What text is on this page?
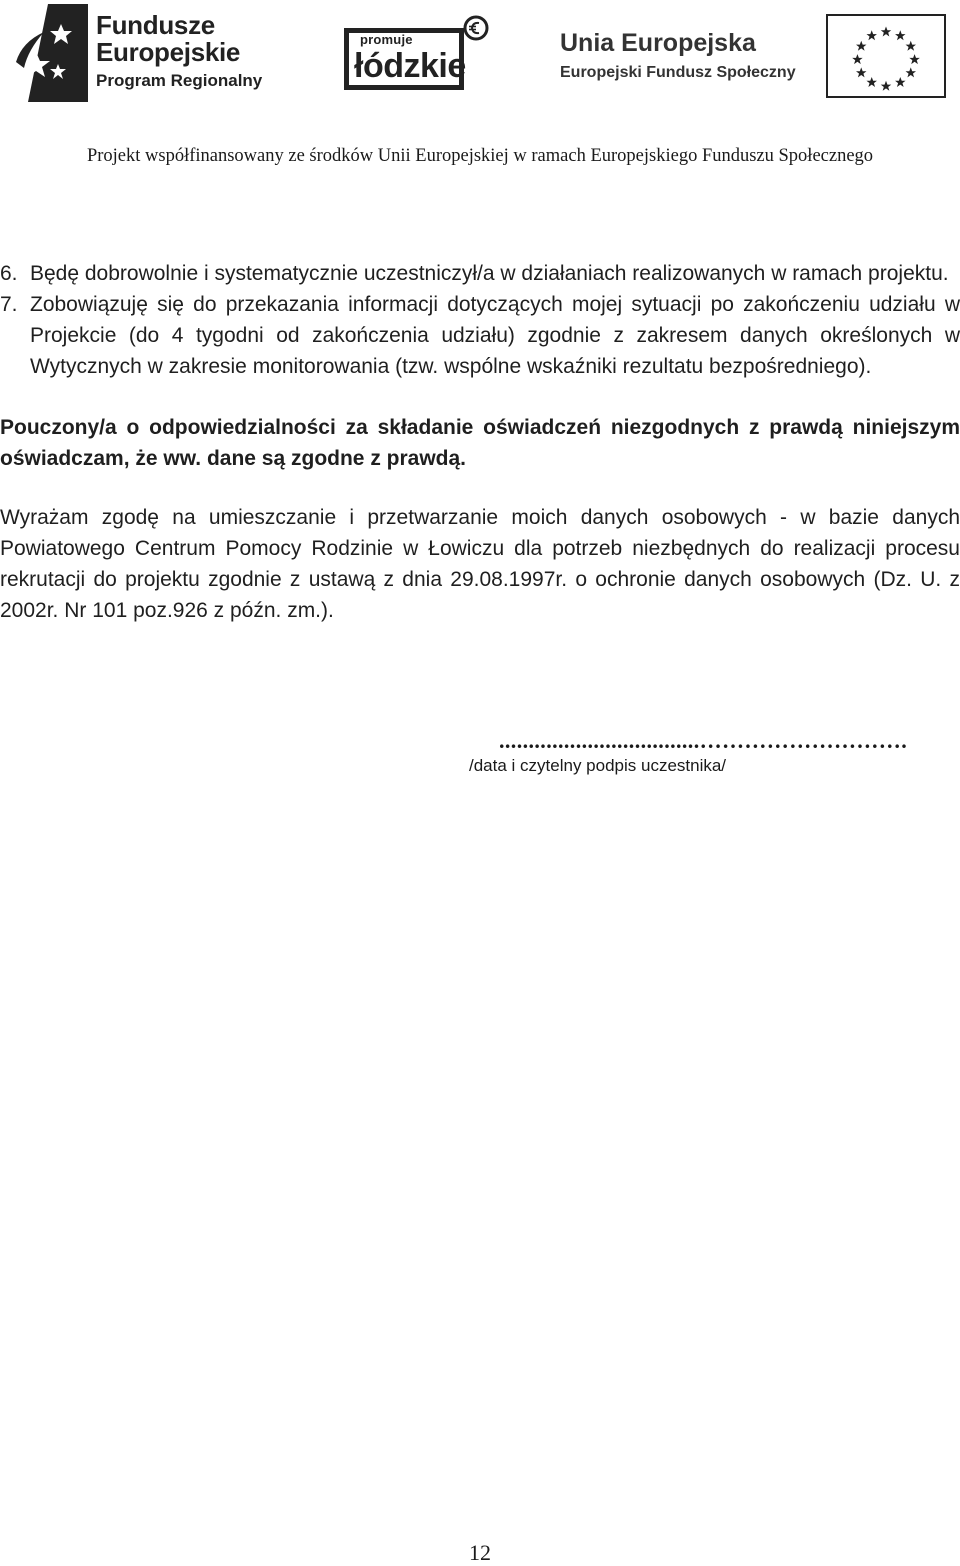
Fundusze
Europejskie
Program Regionalny
promuje
łódzkie
Unia Europejska
Europejski Fundusz Społeczny
Projekt współfinansowany ze środków Unii Europejskiej w ramach Europejskiego Funduszu Społecznego

6. Będę dobrowolnie i systematycznie uczestniczył/a w działaniach realizowanych w ramach projektu.

7. Zobowiązuję się do przekazania informacji dotyczących mojej sytuacji po zakończeniu udziału w Projekcie (do 4 tygodni od zakończenia udziału) zgodnie z zakresem danych określonych w Wytycznych w zakresie monitorowania (tzw. wspólne wskaźniki rezultatu bezpośredniego).

Pouczony/a o odpowiedzialności za składanie oświadczeń niezgodnych z prawdą niniejszym oświadczam, że ww. dane są zgodne z prawdą.

Wyrażam zgodę na umieszczanie i przetwarzanie moich danych osobowych - w bazie danych Powiatowego Centrum Pomocy Rodzinie w Łowiczu dla potrzeb niezbędnych do realizacji procesu rekrutacji do projektu zgodnie z ustawą z dnia 29.08.1997r. o ochronie danych osobowych (Dz. U. z 2002r. Nr 101 poz.926 z późn. zm.).

..................................……………………….
/data i czytelny podpis uczestnika/
12
